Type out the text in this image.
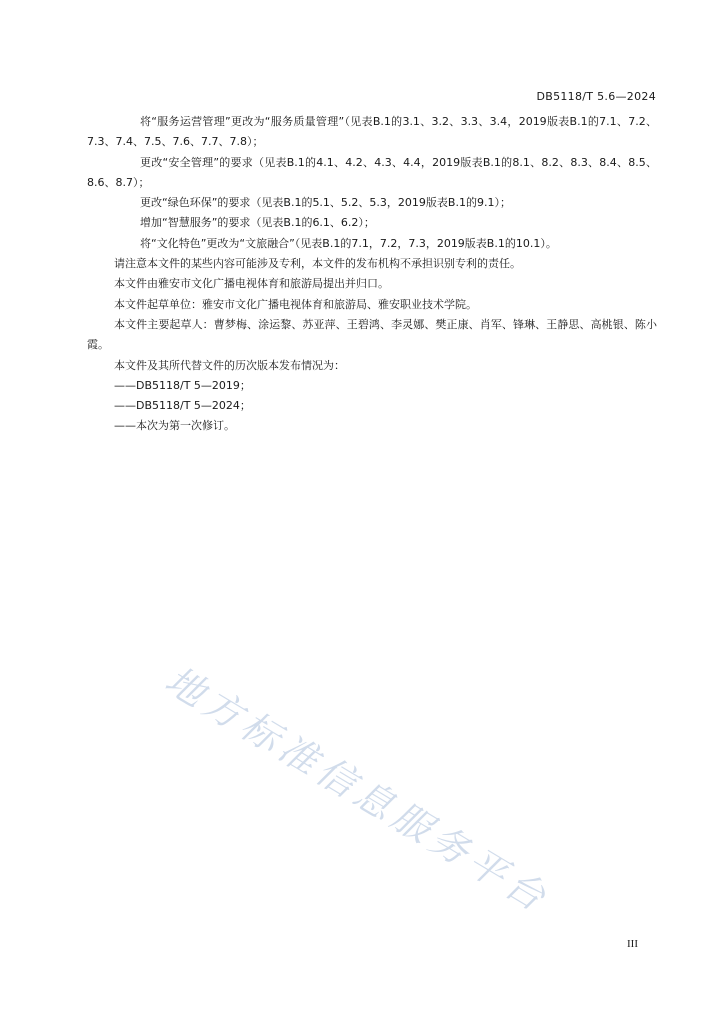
DB5118/T 5.6—2024

将“服务运营管理”更改为“服务质量管理”（见表B.1的3.1、3.2、3.3、3.4，2019版表B.1的7.1、7.2、7.3、7.4、7.5、7.6、7.7、7.8）；

更改“安全管理”的要求（见表B.1的4.1、4.2、4.3、4.4，2019版表B.1的8.1、8.2、8.3、8.4、8.5、8.6、8.7）；

更改“绿色环保”的要求（见表B.1的5.1、5.2、5.3，2019版表B.1的9.1）；

增加“智慧服务”的要求（见表B.1的6.1、6.2）；

将“文化特色”更改为“文旅融合”（见表B.1的7.1，7.2，7.3，2019版表B.1的10.1）。

请注意本文件的某些内容可能涉及专利，本文件的发布机构不承担识别专利的责任。

本文件由雅安市文化广播电视体育和旅游局提出并归口。

本文件起草单位：雅安市文化广播电视体育和旅游局、雅安职业技术学院。

本文件主要起草人：曹梦梅、涂运黎、苏亚萍、王碧鸿、李灵娜、樊正康、肖军、锋琳、王静思、高桃银、陈小霞。

本文件及其所代替文件的历次版本发布情况为：

——DB5118/T 5—2019；

——DB5118/T 5—2024；

——本次为第一次修订。

地方标准信息服务平台
III
